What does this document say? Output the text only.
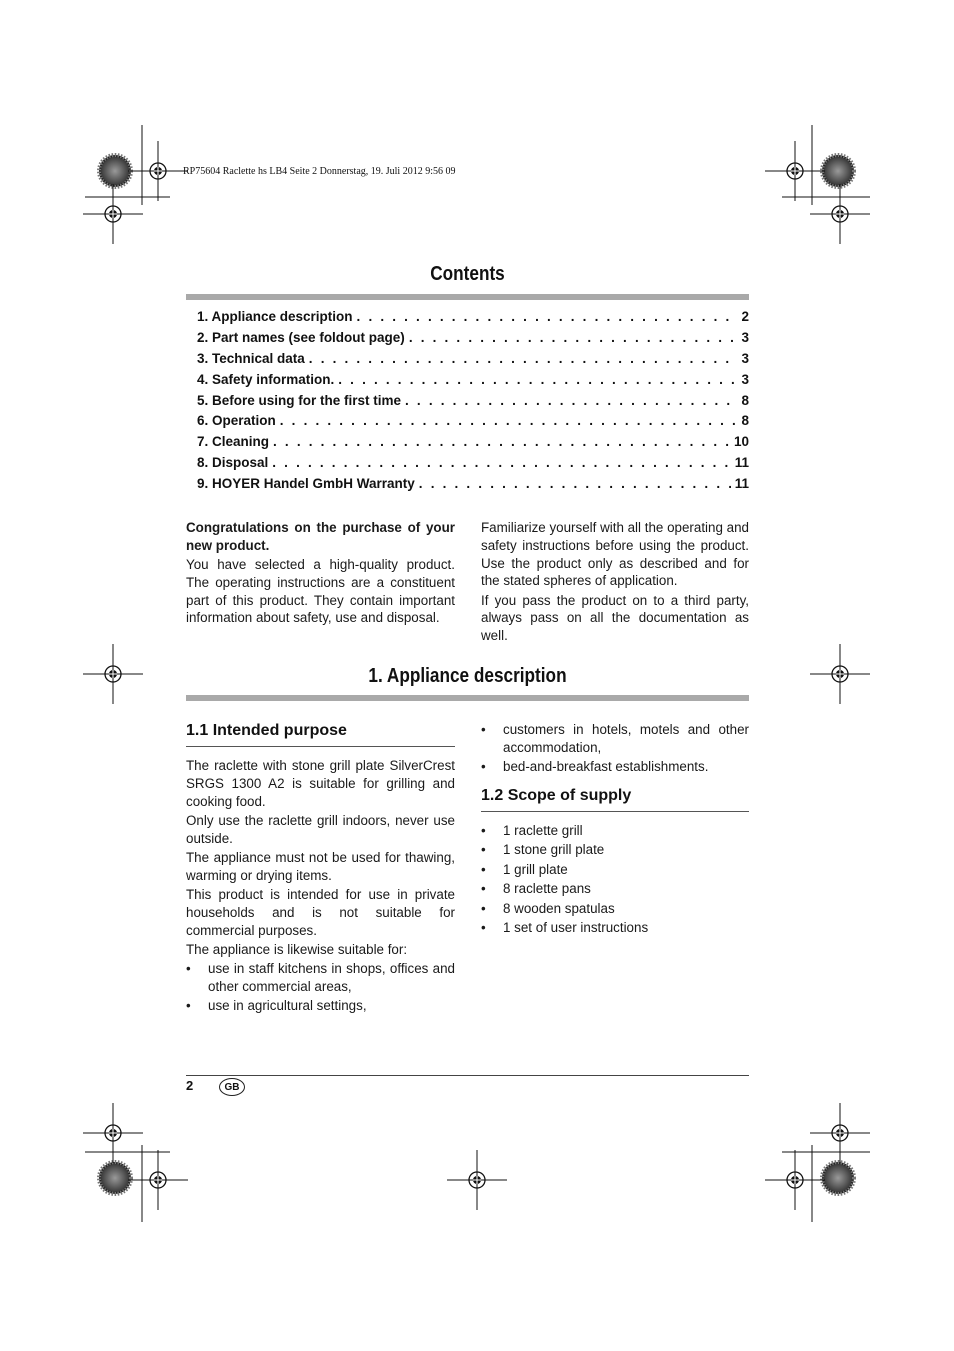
RP75604 Raclette hs LB4 Seite 2 Donnerstag, 19. Juli 2012 9:56 09
Contents
1. Appliance description . . .	2
2. Part names (see foldout page) . . .	3
3. Technical data . . .	3
4. Safety information. . . .	3
5. Before using for the first time . . .	8
6. Operation . . .	8
7. Cleaning . . .	10
8. Disposal . . .	11
9. HOYER Handel GmbH Warranty . . .	11

Congratulations on the purchase of your new product.

You have selected a high-quality product. The operating instructions are a constituent part of this product. They contain important information about safety, use and disposal.

Familiarize yourself with all the operating and safety instructions before using the product. Use the product only as described and for the stated spheres of application.

If you pass the product on to a third party, always pass on all the documentation as well.

1. Appliance description
1.1 Intended purpose

The raclette with stone grill plate SilverCrest SRGS 1300 A2 is suitable for grilling and cooking food.

Only use the raclette grill indoors, never use outside.

The appliance must not be used for thawing, warming or drying items.

This product is intended for use in private households and is not suitable for commercial purposes.

The appliance is likewise suitable for:

• use in staff kitchens in shops, offices and other commercial areas,
• use in agricultural settings,
• customers in hotels, motels and other accommodation,
• bed-and-breakfast establishments.
1.2 Scope of supply
• 1 raclette grill
• 1 stone grill plate
• 1 grill plate
• 8 raclette pans
• 8 wooden spatulas
• 1 set of user instructions
2	GB
